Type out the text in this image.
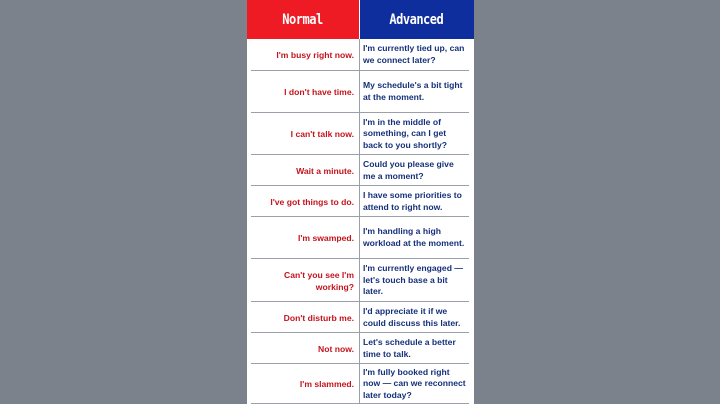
Normal	Advanced
I'm busy right now.
I'm currently tied up, can we connect later?
I don't have time.
My schedule's a bit tight at the moment.
I can't talk now.
I'm in the middle of something, can I get back to you shortly?
Wait a minute.
Could you please give me a moment?
I've got things to do.
I have some priorities to attend to right now.
I'm swamped.
I'm handling a high workload at the moment.
Can't you see I'm working?
I'm currently engaged — let's touch base a bit later.
Don't disturb me.
I'd appreciate it if we could discuss this later.
Not now.
Let's schedule a better time to talk.
I'm slammed.
I'm fully booked right now — can we reconnect later today?
